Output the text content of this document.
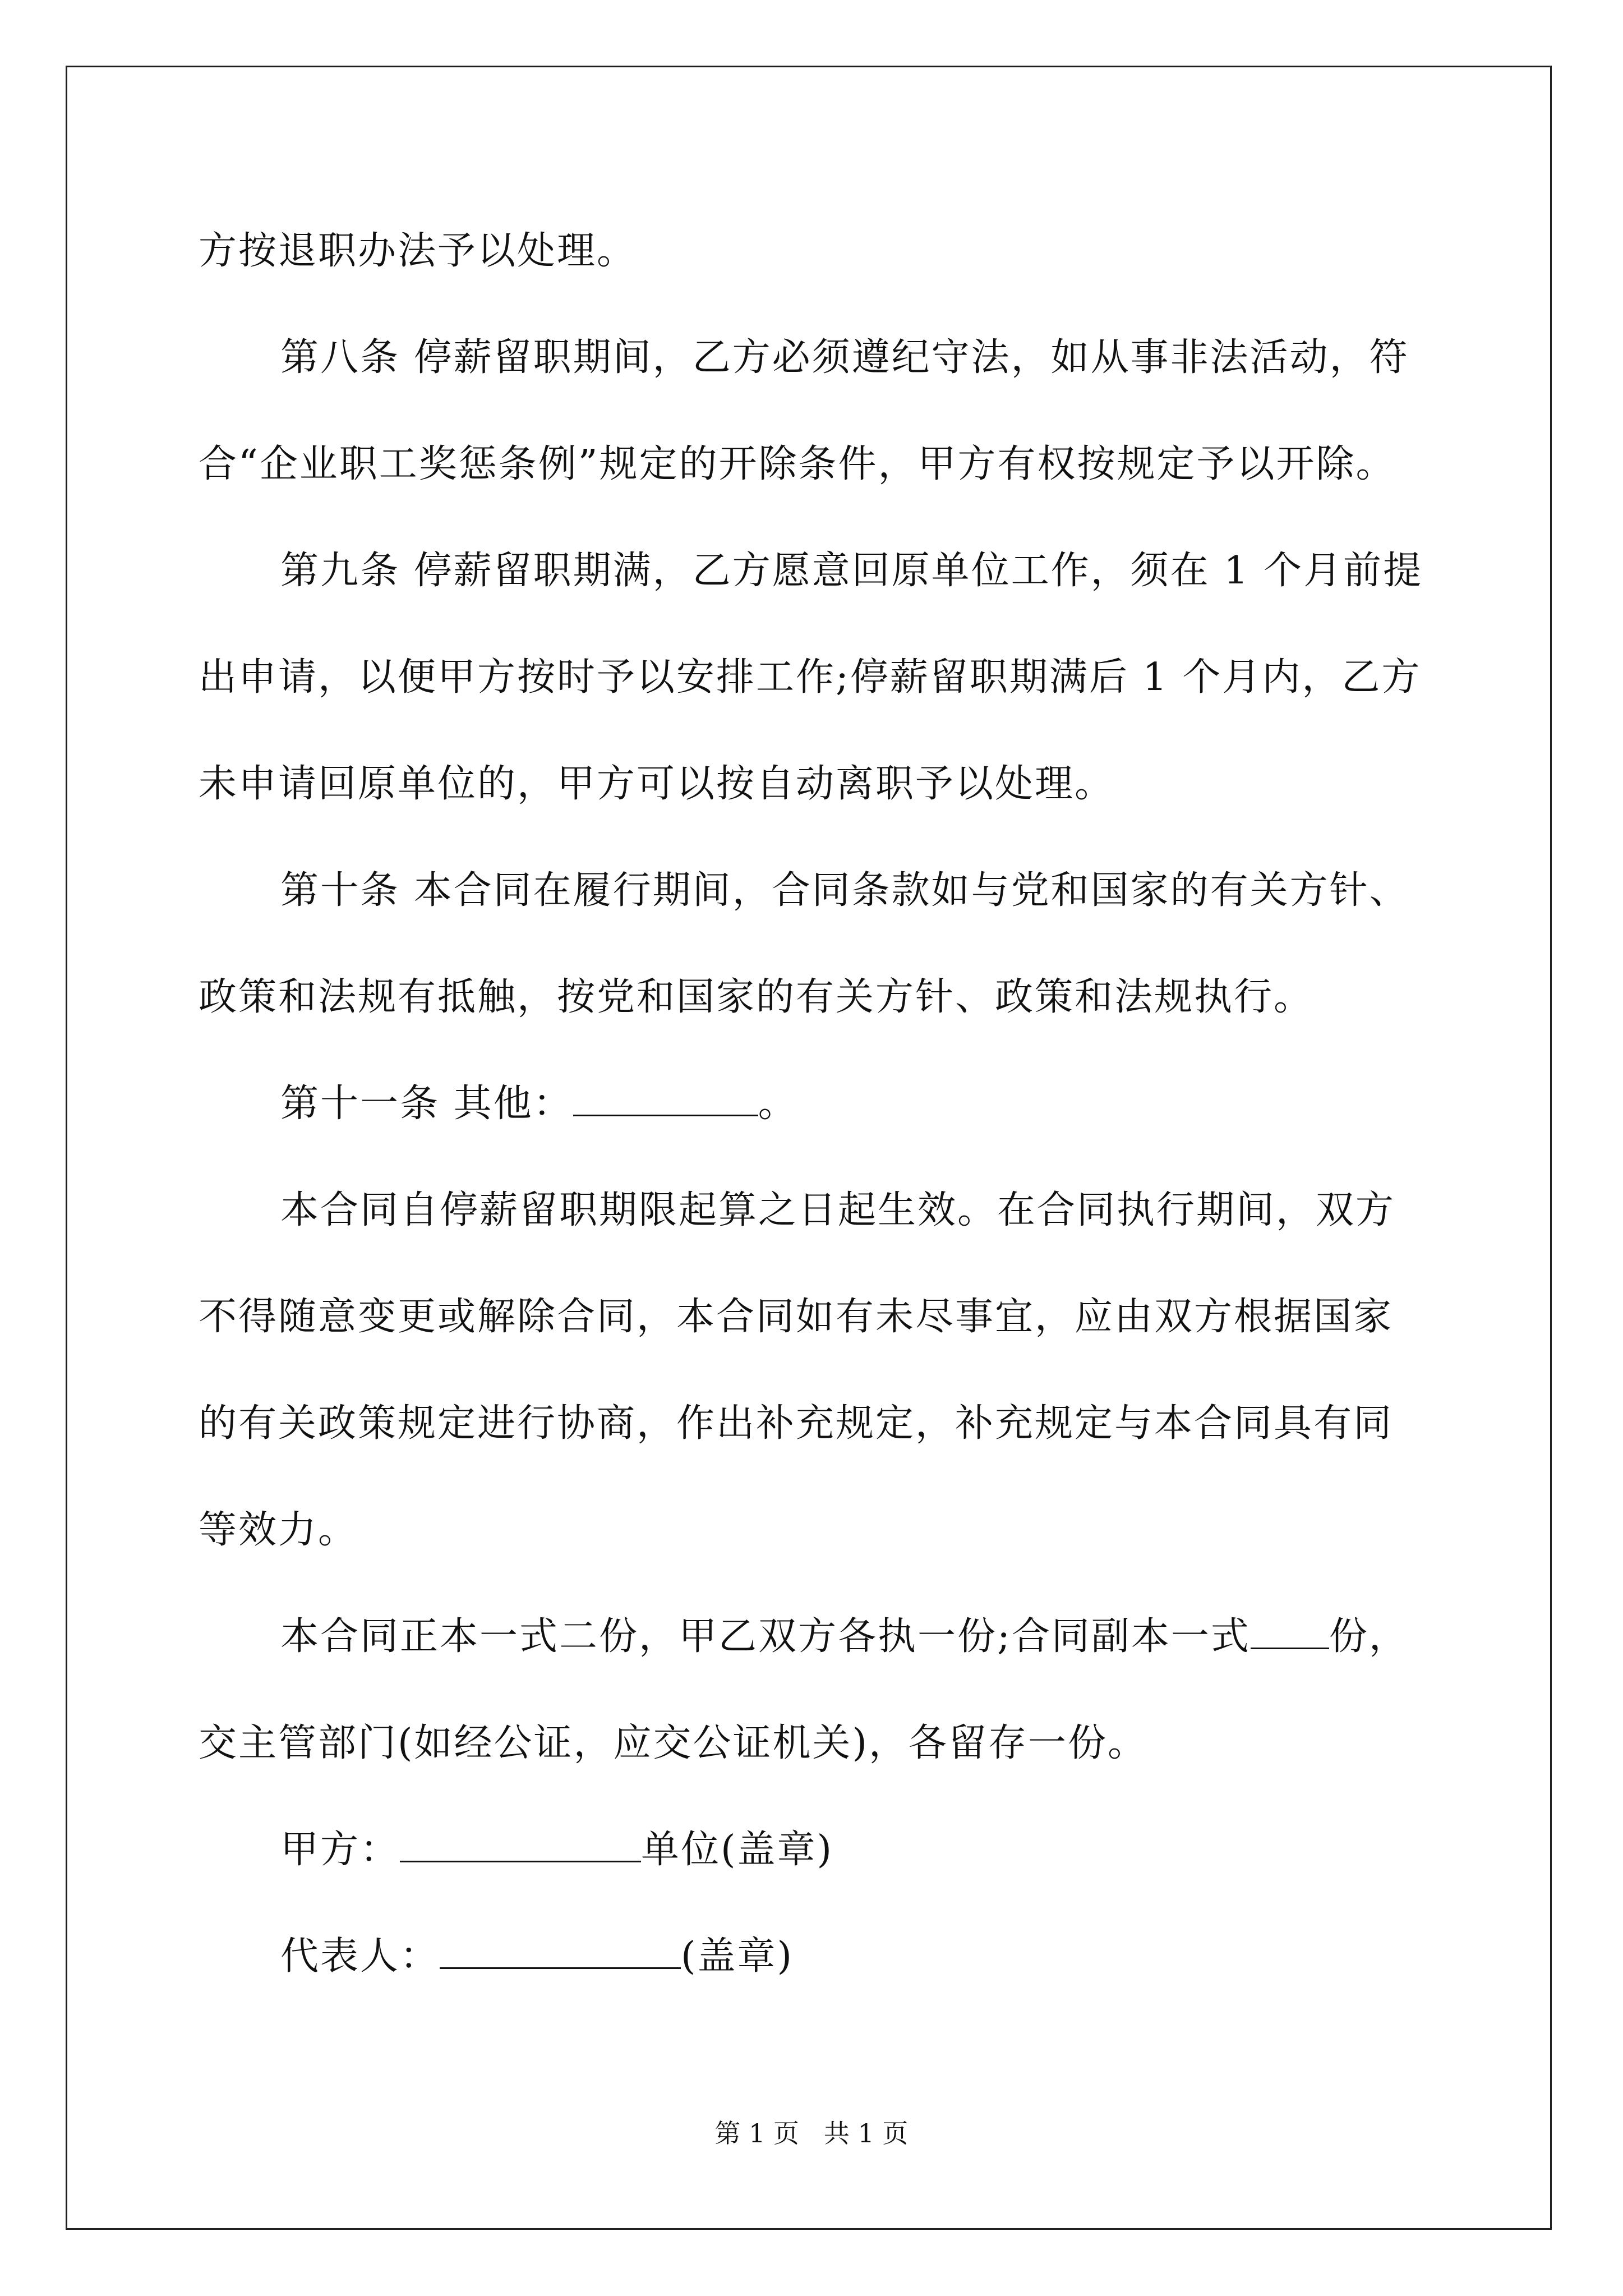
方按退职办法予以处理。
第八条 停薪留职期间，乙方必须遵纪守法，如从事非法活动，符
合“企业职工奖惩条例”规定的开除条件，甲方有权按规定予以开除。
第九条 停薪留职期满，乙方愿意回原单位工作，须在 1 个月前提
出申请，以便甲方按时予以安排工作;停薪留职期满后 1 个月内，乙方
未申请回原单位的，甲方可以按自动离职予以处理。
第十条 本合同在履行期间，合同条款如与党和国家的有关方针、
政策和法规有抵触，按党和国家的有关方针、政策和法规执行。
第十一条 其他：	。
本合同自停薪留职期限起算之日起生效。在合同执行期间，双方
不得随意变更或解除合同，本合同如有未尽事宜，应由双方根据国家
的有关政策规定进行协商，作出补充规定，补充规定与本合同具有同
等效力。
本合同正本一式二份，甲乙双方各执一份;合同副本一式 份，
交主管部门(如经公证，应交公证机关)，各留存一份。
甲方：	单位(盖章)
代表人：	(盖章)
第 1 页   共 1 页
